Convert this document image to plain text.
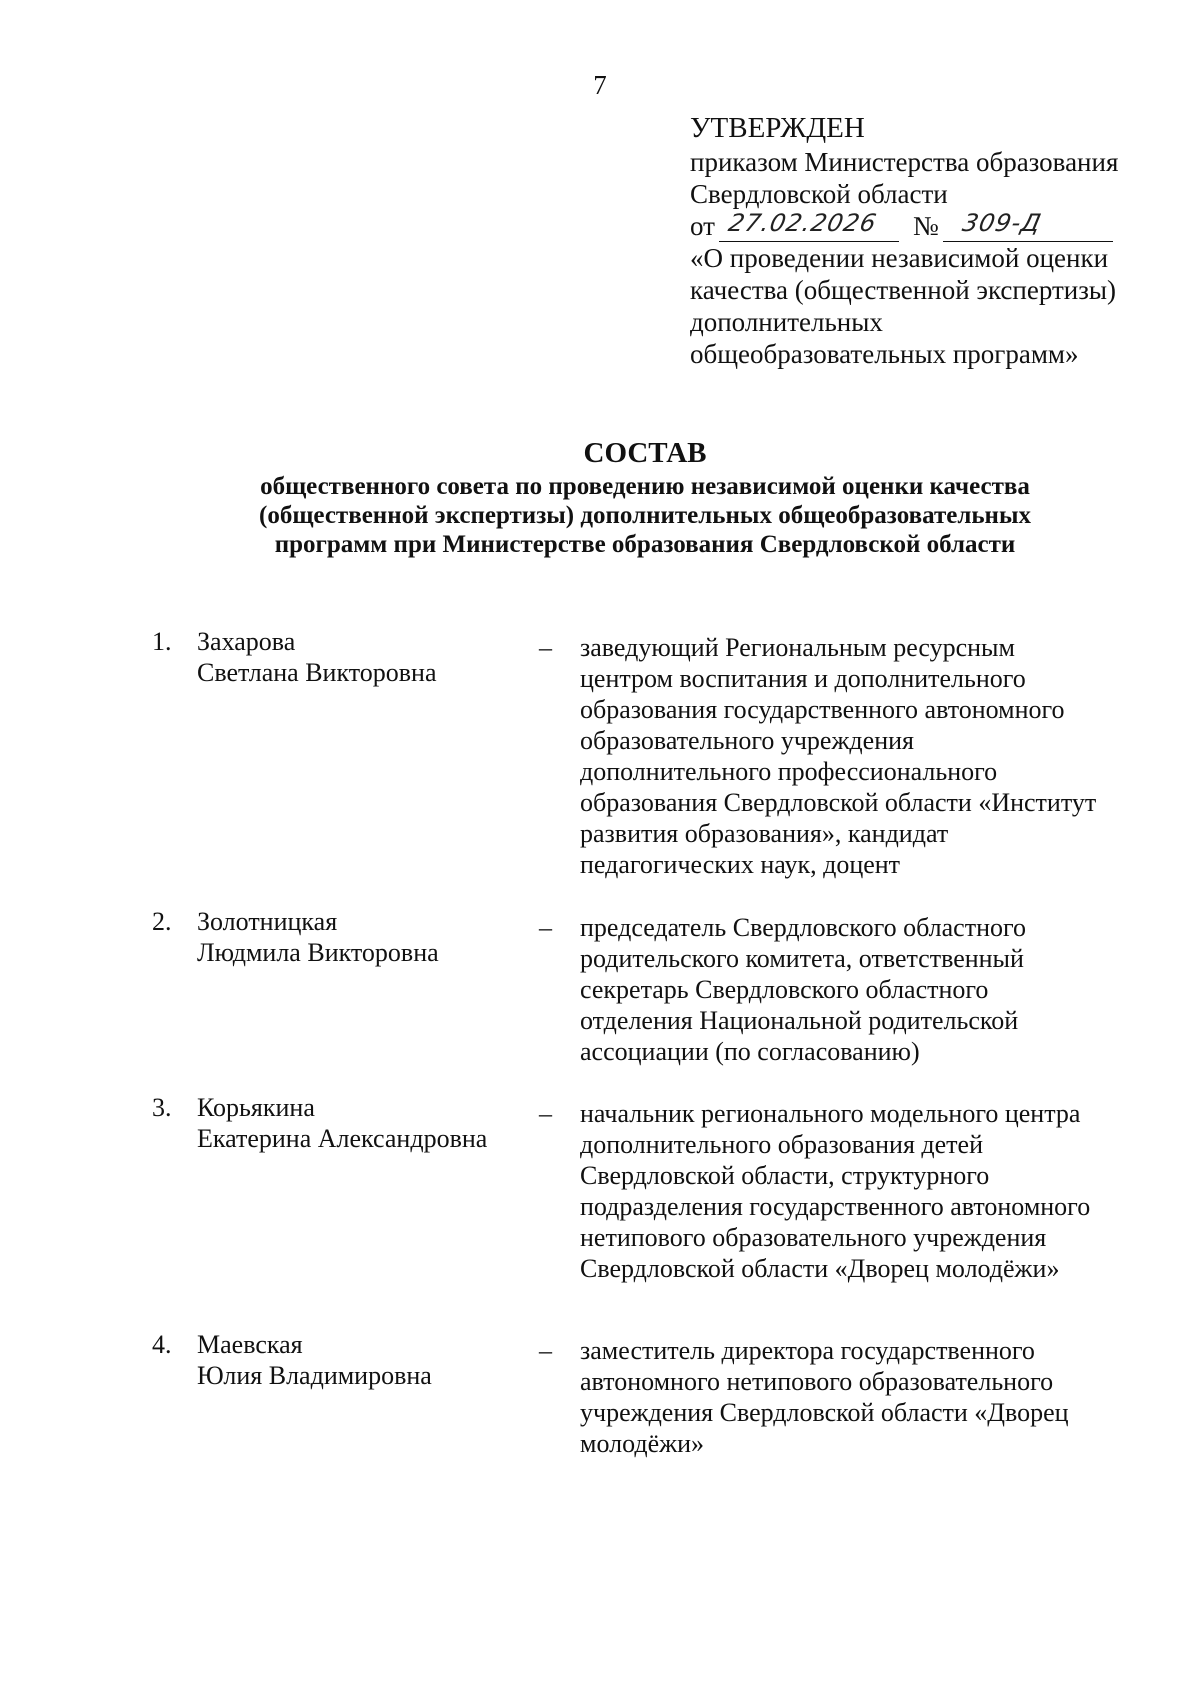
7
УТВЕРЖДЕН
приказом Министерства образования
Свердловской области
от 27.02.2026 № 309-Д
«О проведении независимой оценки
качества (общественной экспертизы)
дополнительных
общеобразовательных программ»
СОСТАВ
общественного совета по проведению независимой оценки качества
(общественной экспертизы) дополнительных общеобразовательных
программ при Министерстве образования Свердловской области
1. Захарова
Светлана Викторовна
– заведующий Региональным ресурсным
центром воспитания и дополнительного
образования государственного автономного
образовательного учреждения
дополнительного профессионального
образования Свердловской области «Институт
развития образования», кандидат
педагогических наук, доцент
2. Золотницкая
Людмила Викторовна
– председатель Свердловского областного
родительского комитета, ответственный
секретарь Свердловского областного
отделения Национальной родительской
ассоциации (по согласованию)
3. Корьякина
Екатерина Александровна
– начальник регионального модельного центра
дополнительного образования детей
Свердловской области, структурного
подразделения государственного автономного
нетипового образовательного учреждения
Свердловской области «Дворец молодёжи»
4. Маевская
Юлия Владимировна
– заместитель директора государственного
автономного нетипового образовательного
учреждения Свердловской области «Дворец
молодёжи»
